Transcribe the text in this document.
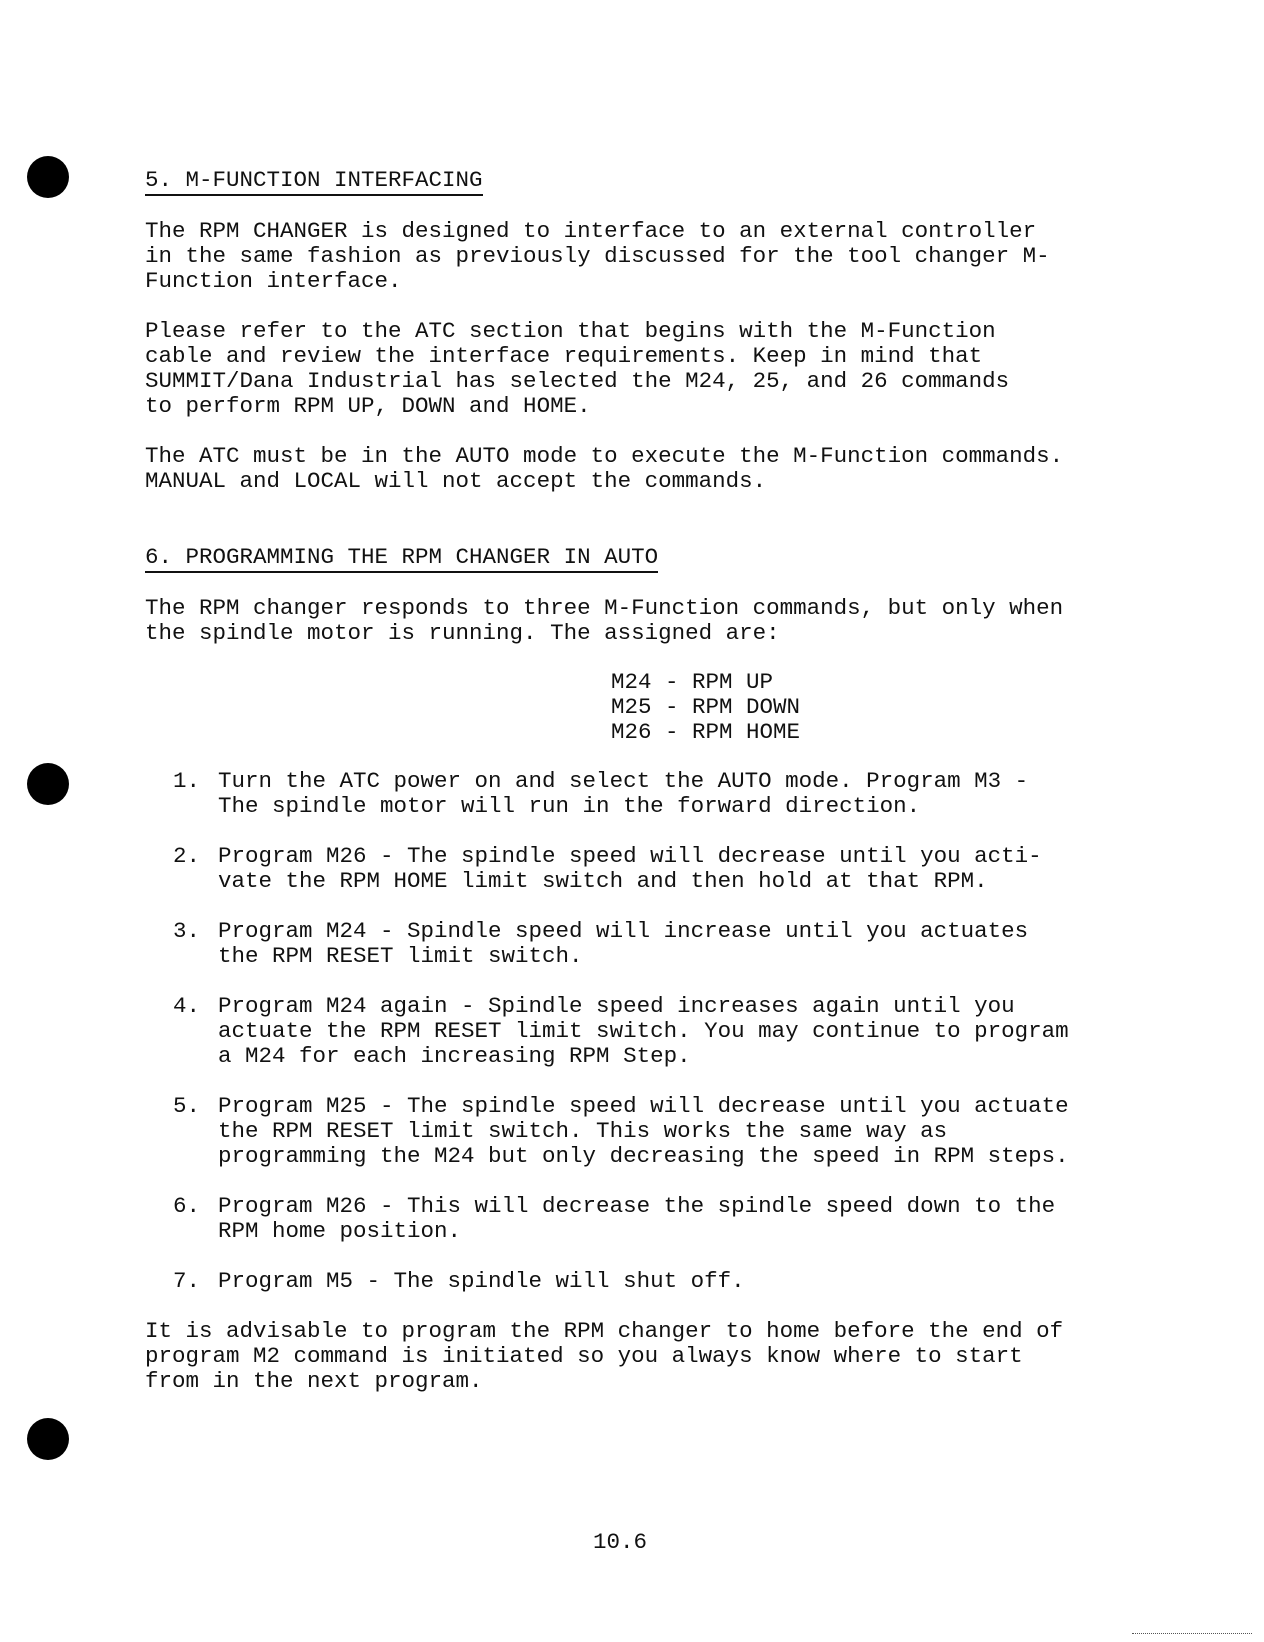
5. M-FUNCTION INTERFACING

The RPM CHANGER is designed to interface to an external controller
in the same fashion as previously discussed for the tool changer M-
Function interface.

Please refer to the ATC section that begins with the M-Function
cable and review the interface requirements. Keep in mind that
SUMMIT/Dana Industrial has selected the M24, 25, and 26 commands
to perform RPM UP, DOWN and HOME.

The ATC must be in the AUTO mode to execute the M-Function commands.
MANUAL and LOCAL will not accept the commands.

6. PROGRAMMING THE RPM CHANGER IN AUTO

The RPM changer responds to three M-Function commands, but only when
the spindle motor is running. The assigned are:

M24 - RPM UP
M25 - RPM DOWN
M26 - RPM HOME
1. Turn the ATC power on and select the AUTO mode. Program M3 -
The spindle motor will run in the forward direction.
2. Program M26 - The spindle speed will decrease until you acti-
vate the RPM HOME limit switch and then hold at that RPM.
3. Program M24 - Spindle speed will increase until you actuates
the RPM RESET limit switch.
4. Program M24 again - Spindle speed increases again until you
actuate the RPM RESET limit switch. You may continue to program
a M24 for each increasing RPM Step.
5. Program M25 - The spindle speed will decrease until you actuate
the RPM RESET limit switch. This works the same way as
programming the M24 but only decreasing the speed in RPM steps.
6. Program M26 - This will decrease the spindle speed down to the
RPM home position.
7. Program M5 - The spindle will shut off.

It is advisable to program the RPM changer to home before the end of
program M2 command is initiated so you always know where to start
from in the next program.

10.6
